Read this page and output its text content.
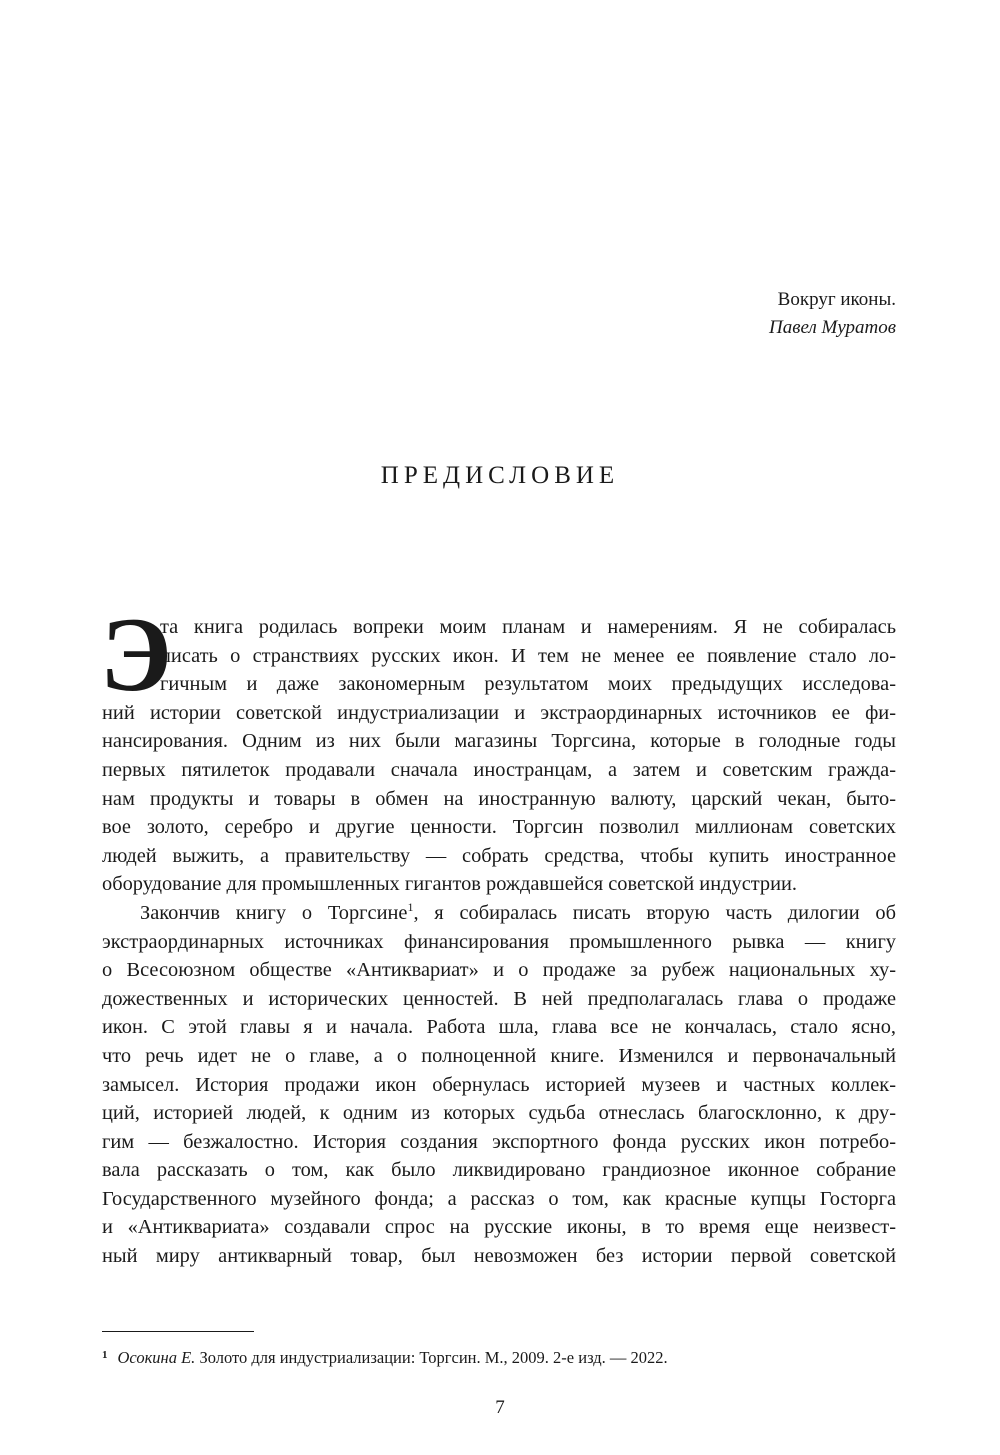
Вокруг иконы.
Павел Муратов
ПРЕДИСЛОВИЕ
Э
та книга родилась вопреки моим планам и намерениям. Я не собиралась
писать о странствиях русских икон. И тем не менее ее появление стало ло-
гичным и даже закономерным результатом моих предыдущих исследова-
ний истории советской индустриализации и экстраординарных источников ее фи-
нансирования. Одним из них были магазины Торгсина, которые в голодные годы
первых пятилеток продавали сначала иностранцам, а затем и советским гражда-
нам продукты и товары в обмен на иностранную валюту, царский чекан, быто-
вое золото, серебро и другие ценности. Торгсин позволил миллионам советских
людей выжить, а правительству — собрать средства, чтобы купить иностранное
оборудование для промышленных гигантов рождавшейся советской индустрии.
Закончив книгу о Торгсине$^1$, я собиралась писать вторую часть дилогии об
экстраординарных источниках финансирования промышленного рывка — книгу
о Всесоюзном обществе «Антиквариат» и о продаже за рубеж национальных ху-
дожественных и исторических ценностей. В ней предполагалась глава о продаже
икон. С этой главы я и начала. Работа шла, глава все не кончалась, стало ясно,
что речь идет не о главе, а о полноценной книге. Изменился и первоначальный
замысел. История продажи икон обернулась историей музеев и частных коллек-
ций, историей людей, к одним из которых судьба отнеслась благосклонно, к дру-
гим — безжалостно. История создания экспортного фонда русских икон потребо-
вала рассказать о том, как было ликвидировано грандиозное иконное собрание
Государственного музейного фонда; а рассказ о том, как красные купцы Госторга
и «Антиквариата» создавали спрос на русские иконы, в то время еще неизвест-
ный миру антикварный товар, был невозможен без истории первой советской
$^1$ Осокина Е. Золото для индустриализации: Торгсин. М., 2009. 2-е изд. — 2022.
7
